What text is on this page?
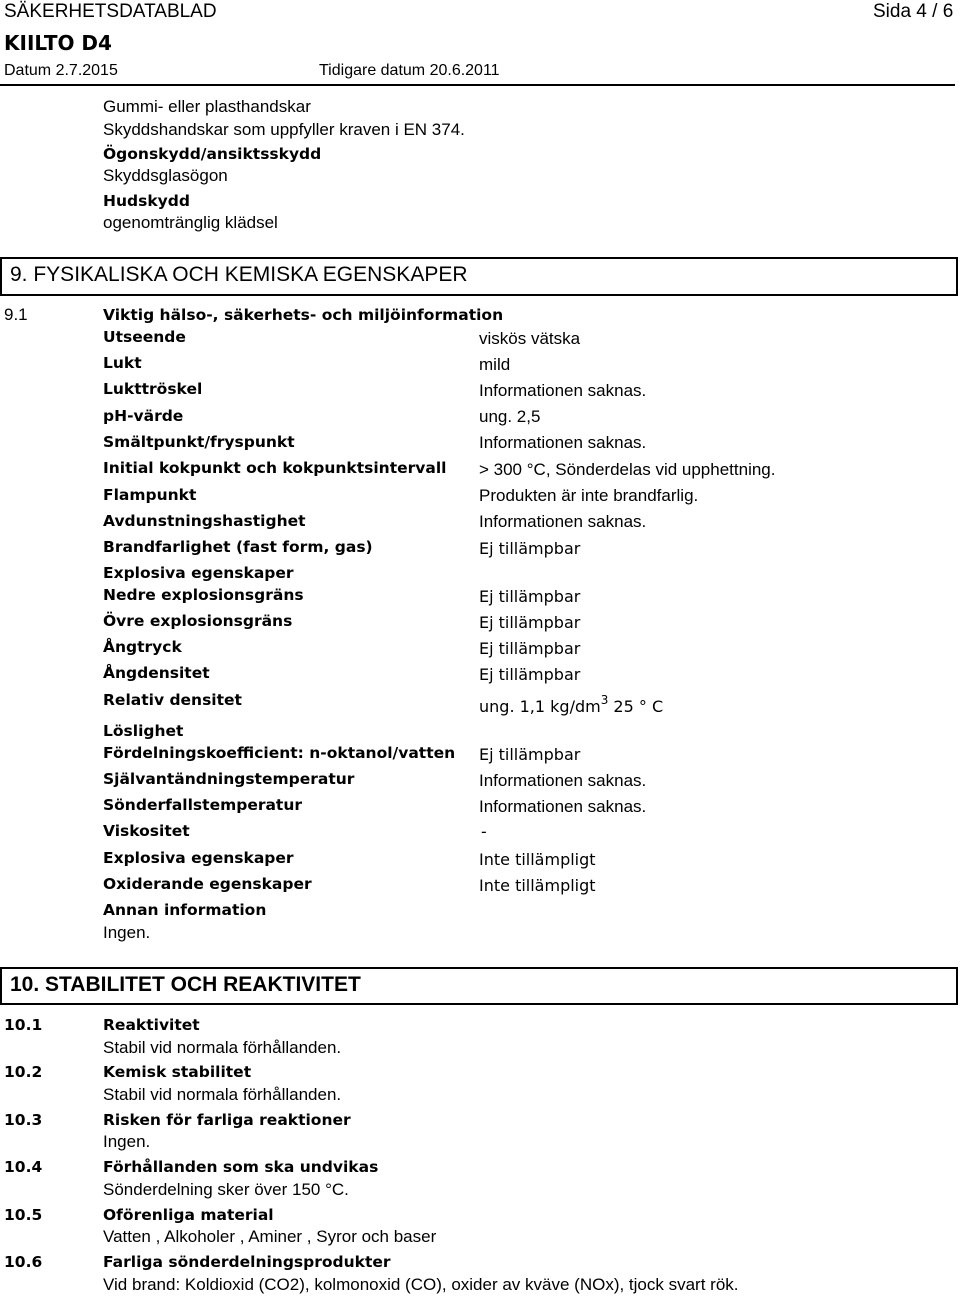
SÄKERHETSDATABLAD	Sida 4 / 6
KIILTO D4
Datum 2.7.2015	Tidigare datum 20.6.2011
Gummi- eller plasthandskar
Skyddshandskar som uppfyller kraven i EN 374.
Ögonskydd/ansiktsskydd
Skyddsglasögon
Hudskydd
ogenomtränglig klädsel
9. FYSIKALISKA OCH KEMISKA EGENSKAPER
9.1	Viktig hälso-, säkerhets- och miljöinformation
Utseende	viskös vätska
Lukt	mild
Lukttröskel	Informationen saknas.
pH-värde	ung. 2,5
Smältpunkt/fryspunkt	Informationen saknas.
Initial kokpunkt och kokpunktsintervall > 300 °C, Sönderdelas vid upphettning.
Flampunkt	Produkten är inte brandfarlig.
Avdunstningshastighet	Informationen saknas.
Brandfarlighet (fast form, gas)	Ej tillämpbar
Explosiva egenskaper
Nedre explosionsgräns	Ej tillämpbar
Övre explosionsgräns	Ej tillämpbar
Ångtryck	Ej tillämpbar
Ångdensitet	Ej tillämpbar
Relativ densitet	ung. 1,1 $kg/dm^3$ 25 ° C
Löslighet
Fördelningskoefficient: n-oktanol/vatten Ej tillämpbar
Självantändningstemperatur	Informationen saknas.
Sönderfallstemperatur	Informationen saknas.
Viskositet	-
Explosiva egenskaper	Inte tillämpligt
Oxiderande egenskaper	Inte tillämpligt
Annan information
Ingen.
10. STABILITET OCH REAKTIVITET
10.1	Reaktivitet
Stabil vid normala förhållanden.
10.2	Kemisk stabilitet
Stabil vid normala förhållanden.
10.3	Risken för farliga reaktioner
Ingen.
10.4	Förhållanden som ska undvikas
Sönderdelning sker över 150 °C.
10.5	Oförenliga material
Vatten , Alkoholer , Aminer , Syror och baser
10.6	Farliga sönderdelningsprodukter
Vid brand: Koldioxid (CO2), kolmonoxid (CO), oxider av kväve (NOx), tjock svart rök.
